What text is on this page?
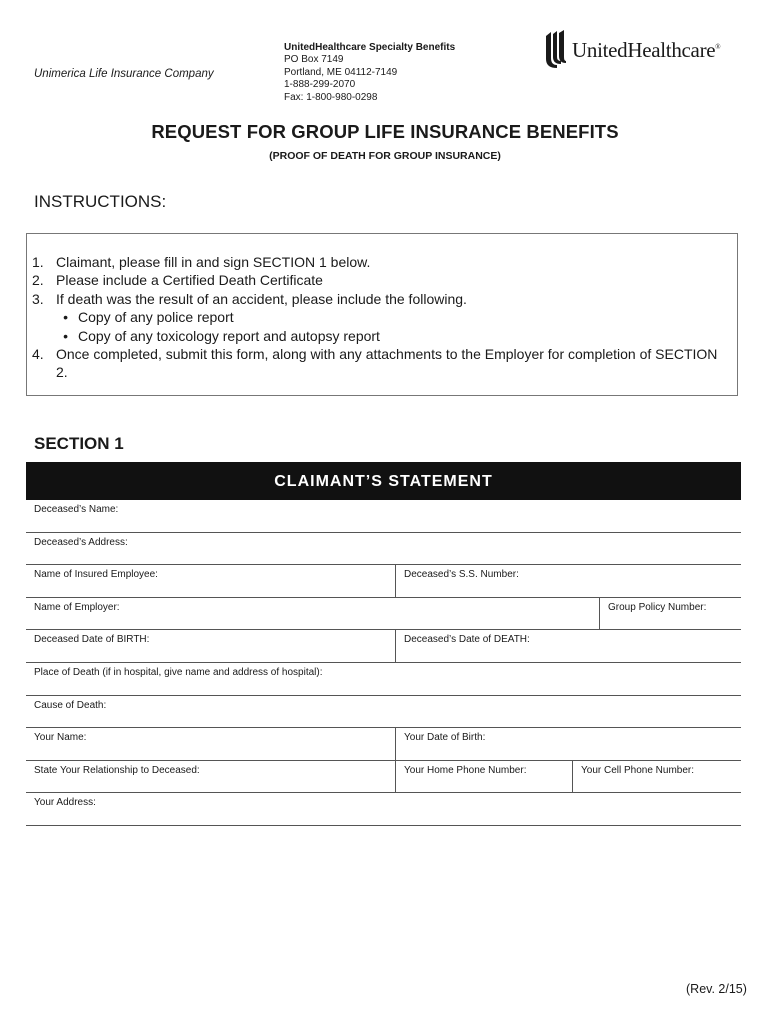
Unimerica Life Insurance Company
UnitedHealthcare Specialty Benefits
PO Box 7149
Portland, ME 04112-7149
1-888-299-2070
Fax: 1-800-980-0298
UnitedHealthcare®
REQUEST FOR GROUP LIFE INSURANCE BENEFITS
(PROOF OF DEATH FOR GROUP INSURANCE)
INSTRUCTIONS:
1. Claimant, please fill in and sign SECTION 1 below.
2. Please include a Certified Death Certificate
3. If death was the result of an accident, please include the following.
• Copy of any police report
• Copy of any toxicology report and autopsy report
4. Once completed, submit this form, along with any attachments to the Employer for completion of SECTION 2.
SECTION 1
CLAIMANT’S STATEMENT
Deceased’s Name:
Deceased’s Address:
Name of Insured Employee:	Deceased’s S.S. Number:
Name of Employer:	Group Policy Number:
Deceased Date of BIRTH:	Deceased’s Date of DEATH:
Place of Death (if in hospital, give name and address of hospital):
Cause of Death:
Your Name:	Your Date of Birth:
State Your Relationship to Deceased:	Your Home Phone Number:	Your Cell Phone Number:
Your Address:
(Rev. 2/15)
